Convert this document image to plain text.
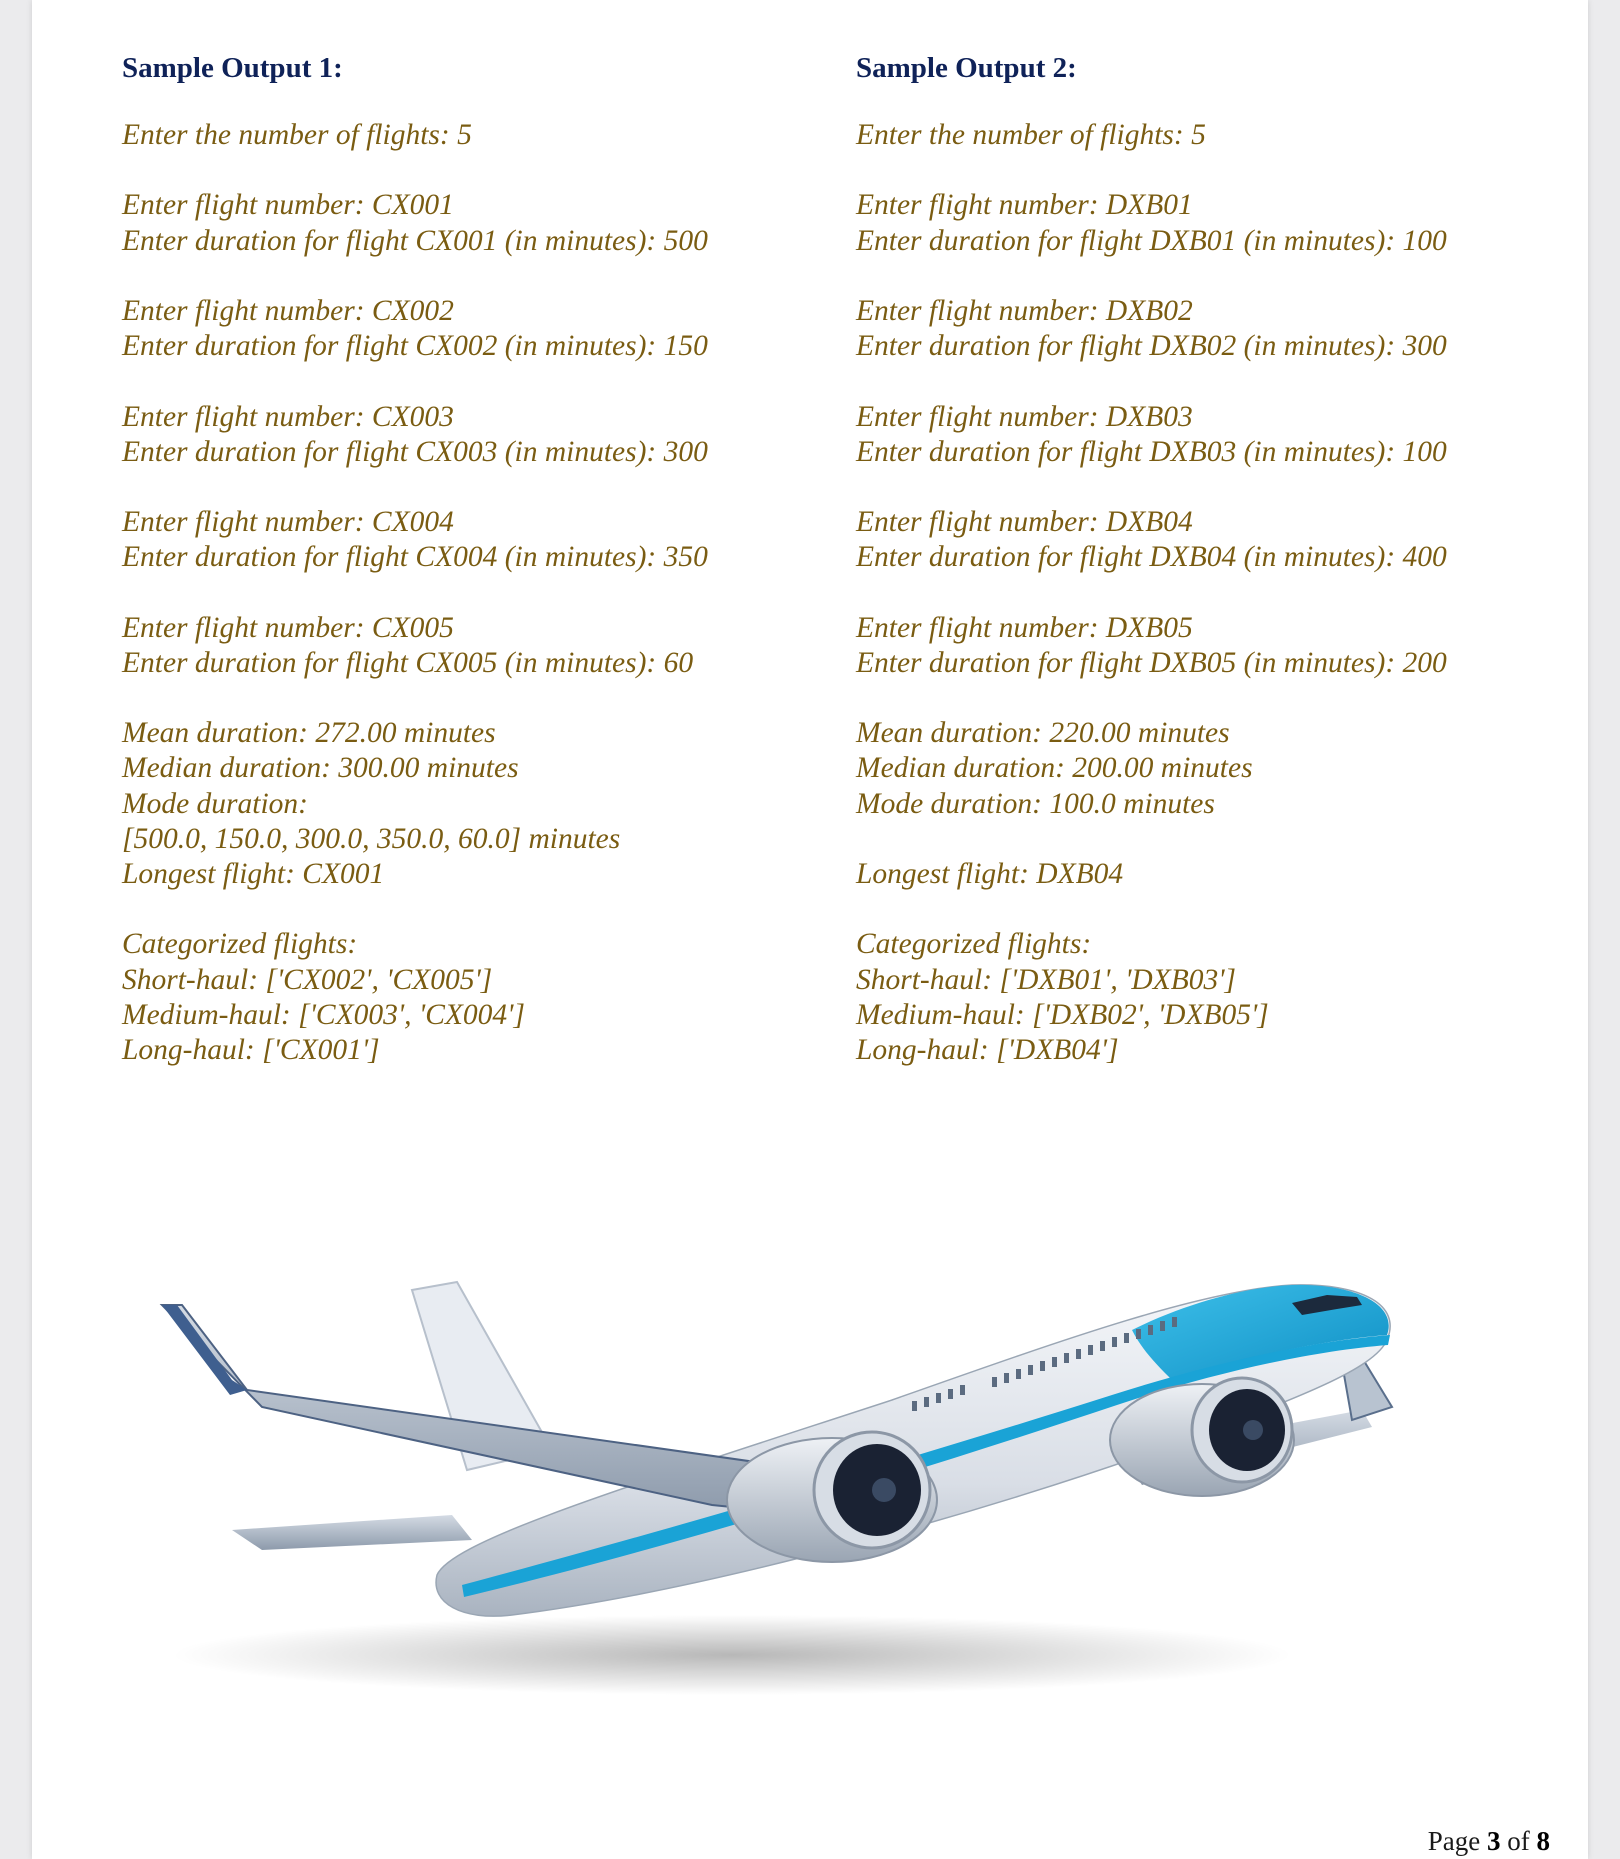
Sample Output 1:
Enter the number of flights: 5
Enter flight number: CX001
Enter duration for flight CX001 (in minutes): 500
Enter flight number: CX002
Enter duration for flight CX002 (in minutes): 150
Enter flight number: CX003
Enter duration for flight CX003 (in minutes): 300
Enter flight number: CX004
Enter duration for flight CX004 (in minutes): 350
Enter flight number: CX005
Enter duration for flight CX005 (in minutes): 60
Mean duration: 272.00 minutes
Median duration: 300.00 minutes
Mode duration:
[500.0, 150.0, 300.0, 350.0, 60.0] minutes
Longest flight: CX001
Categorized flights:
Short-haul: ['CX002', 'CX005']
Medium-haul: ['CX003', 'CX004']
Long-haul: ['CX001']
Sample Output 2:
Enter the number of flights: 5
Enter flight number: DXB01
Enter duration for flight DXB01 (in minutes): 100
Enter flight number: DXB02
Enter duration for flight DXB02 (in minutes): 300
Enter flight number: DXB03
Enter duration for flight DXB03 (in minutes): 100
Enter flight number: DXB04
Enter duration for flight DXB04 (in minutes): 400
Enter flight number: DXB05
Enter duration for flight DXB05 (in minutes): 200
Mean duration: 220.00 minutes
Median duration: 200.00 minutes
Mode duration: 100.0 minutes
Longest flight: DXB04
Categorized flights:
Short-haul: ['DXB01', 'DXB03']
Medium-haul: ['DXB02', 'DXB05']
Long-haul: ['DXB04']
Page 3 of 8
